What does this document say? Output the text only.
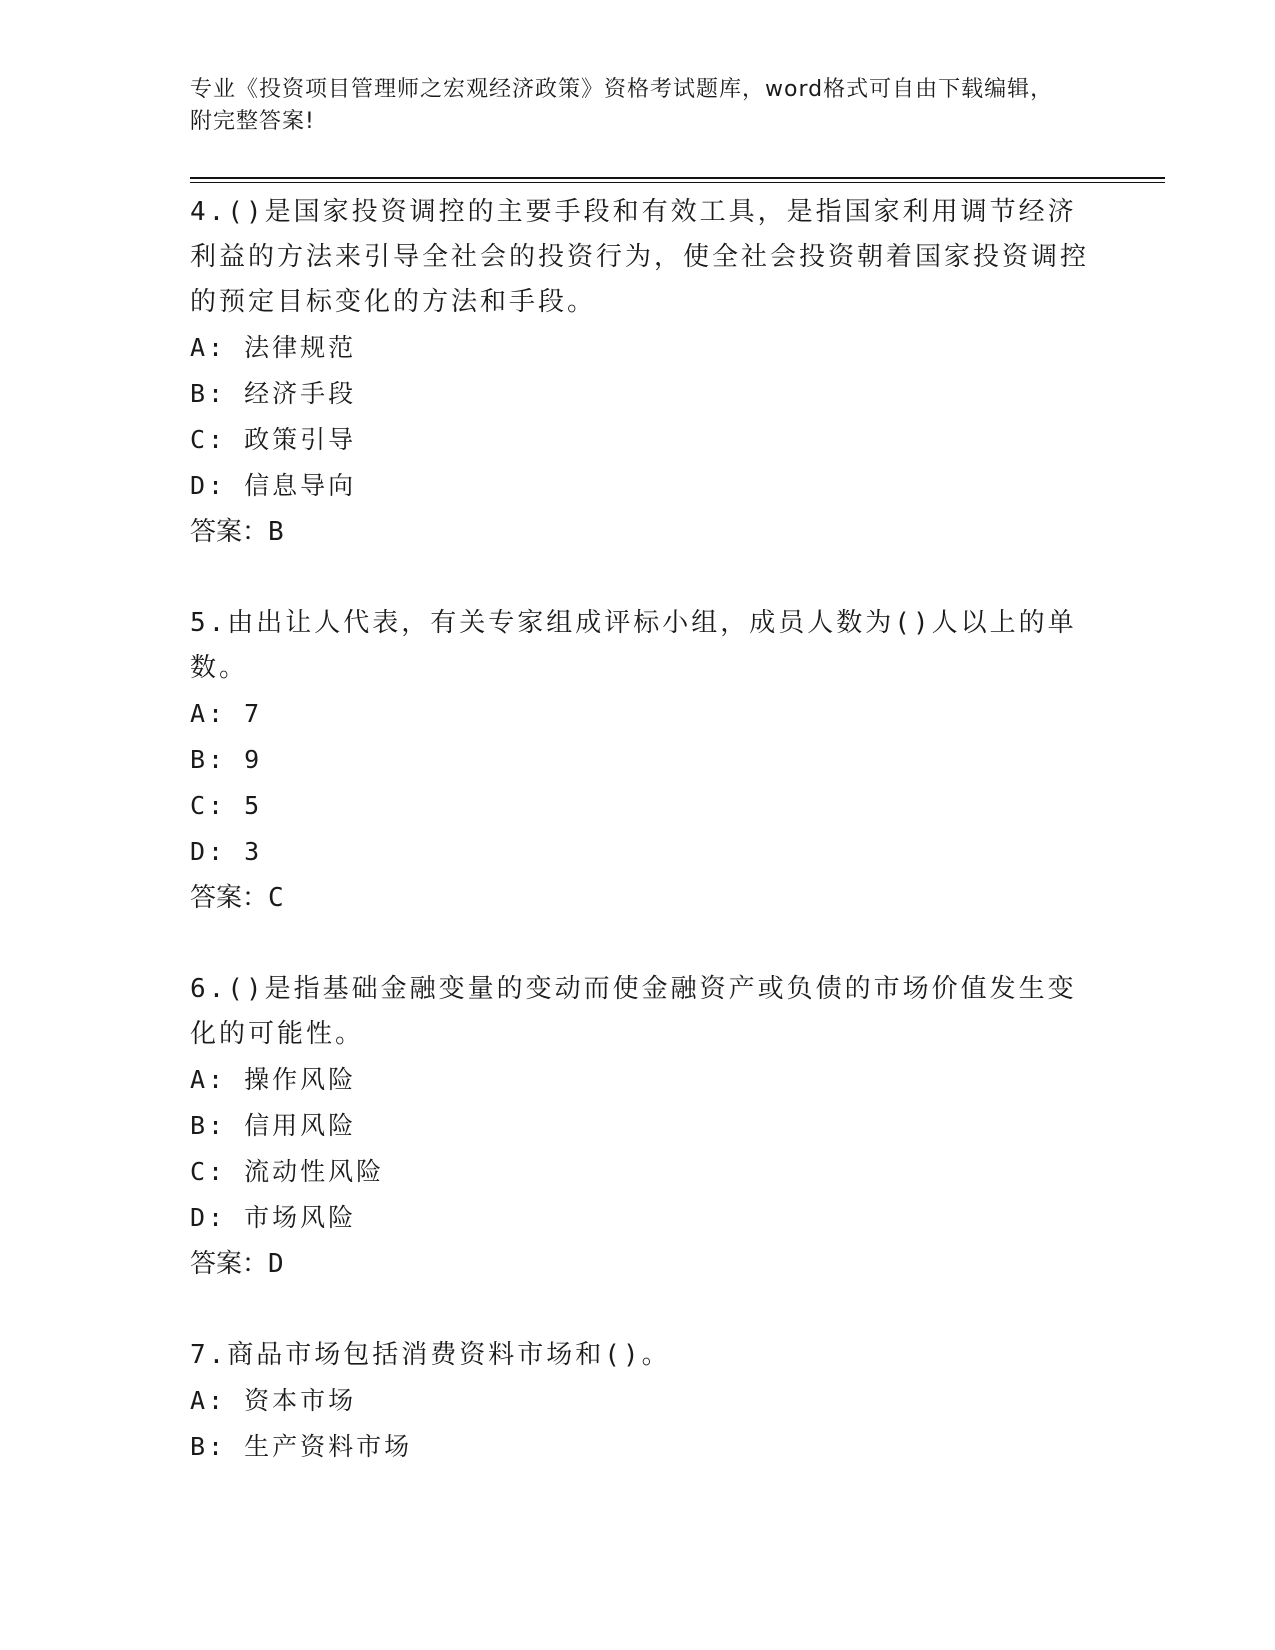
专业《投资项目管理师之宏观经济政策》资格考试题库，word格式可自由下载编辑，附完整答案!

4.()是国家投资调控的主要手段和有效工具，是指国家利用调节经济利益的方法来引导全社会的投资行为，使全社会投资朝着国家投资调控的预定目标变化的方法和手段。

A: 法律规范

B: 经济手段

C: 政策引导

D: 信息导向

答案：B

5.由出让人代表，有关专家组成评标小组，成员人数为()人以上的单数。

A: 7

B: 9

C: 5

D: 3

答案：C

6.()是指基础金融变量的变动而使金融资产或负债的市场价值发生变化的可能性。

A: 操作风险

B: 信用风险

C: 流动性风险

D: 市场风险

答案：D

7.商品市场包括消费资料市场和()。

A: 资本市场

B: 生产资料市场
